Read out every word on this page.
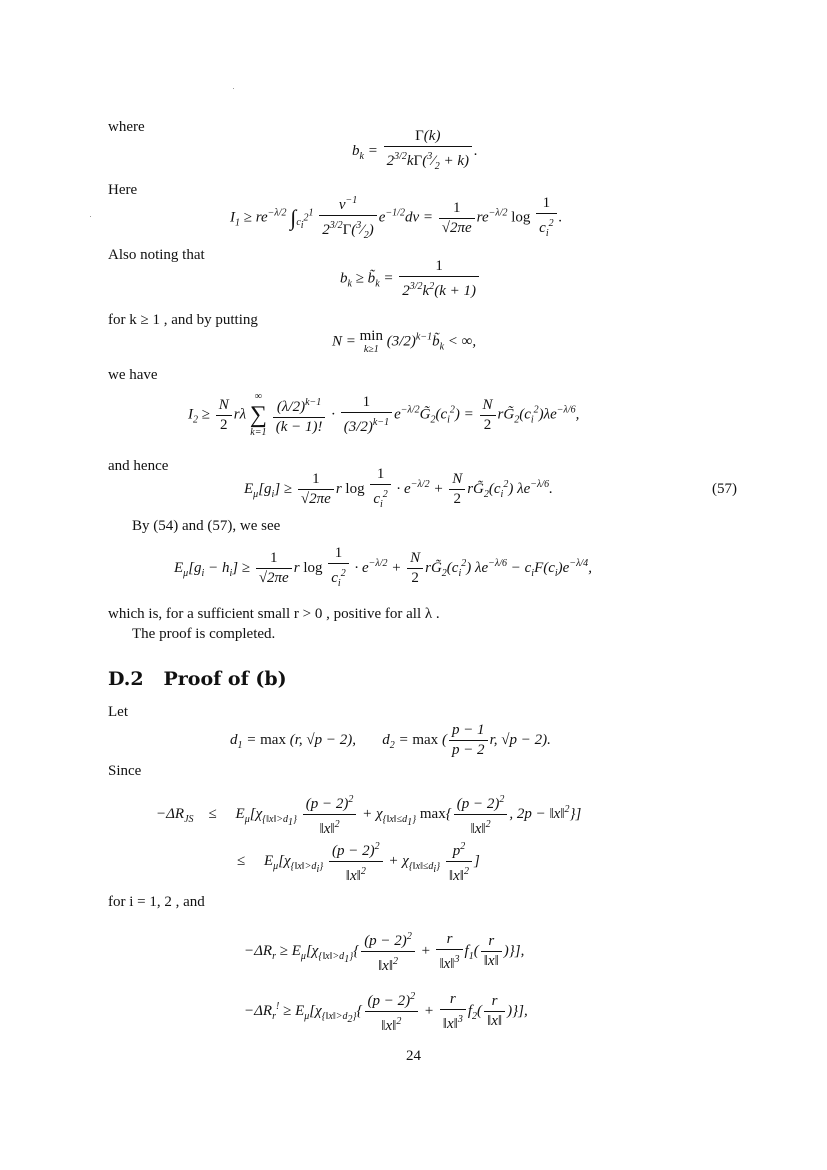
where
$b_k = \frac{\Gamma(k)}{2^{3/2}k\Gamma(^3⁄_2 + k)}$ .
Here
$I_1 \ge re^{-\lambda/2}$ $\int_{c_i^2}^1 \frac{v^{-1}}{2^{3/2}\Gamma(^3⁄_2)} e^{-1/2}dv = \frac{1}{√2\pi e} re^{-\lambda/2}$ $\log \frac{1}{c_i^2}$ .
Also noting that
$b_k$ ≥ $b̃_k = \frac{1}{2^{3/2}k^2(k + 1)}$
for k ≥ 1 , and by putting
N = min
k≥1
$(3/2)^{k-1}b̃_k$ < ∞,
we have
$I_2 \ge \frac{N}{2}$ rλ
∞
∑
k=1
$\frac{(\lambda/2)^{k-1}}{(k - 1)!} \cdot \frac{1}{(3/2)^{k-1}}$ $e^{-\lambda/2}G̃_2(c_i^2) = \frac{N}{2}$ $rG̃_2(c_i^2)\lambda e^{-\lambda/6}$,
and hence
$E_\mu[g_i] \ge \frac{1}{√2\pi e}$ r $\log \frac{1}{c_i^2} \cdot e^{-\lambda/2} + \frac{N}{2}$ $rG̃_2(c_i^2)$ $\lambda e^{-\lambda/6}$.	(57)
By (54) and (57), we see
$E_\mu[g_i - h_i] \ge \frac{1}{√2\pi e}$ r $\log \frac{1}{c_i^2} \cdot e^{-\lambda/2} + \frac{N}{2}$ $rG̃_2(c_i^2) \lambda e^{-\lambda/6} - c_iF(c_i)e^{-\lambda/4}$,
which is, for a sufficient small r > 0 , positive for all λ .
The proof is completed.
D.2 Proof of (b)
Let
$d_1 = \max (r$, √p − 2),       $d_2 = \max$ ( $\frac{p - 1}{p - 2} r$, √p − 2).
Since
$-\Delta R_{JS}$    ≤     $E_\mu[\chi_{\{‖x‖>d_1\}} \frac{(p - 2)^2}{‖x‖^2} + \chi_{\{‖x‖\le d_1\}}$ $\max\{ \frac{(p - 2)^2}{‖x‖^2}$ , 2p − ‖x‖$^2$}]
≤     $E_\mu[\chi_{\{‖x‖>d_i\}} \frac{(p - 2)^2}{‖x‖^2} + \chi_{\{‖x‖\le d_i\}} \frac{p^2}{‖x‖^2}$ ]
for i = 1, 2 , and
$-\Delta R_r \ge E_\mu[\chi_{\{‖x‖>d_1\}}\{ \frac{(p - 2)^2}{‖x‖^2} + \frac{r}{‖x‖^3} f_1( \frac{r}{‖x‖}$ )}],
$-\Delta R_r^! \ge E_\mu[\chi_{\{‖x‖>d_2\}}\{ \frac{(p - 2)^2}{‖x‖^2} + \frac{r}{‖x‖^3} f_2( \frac{r}{‖x‖}$ )}],
24
